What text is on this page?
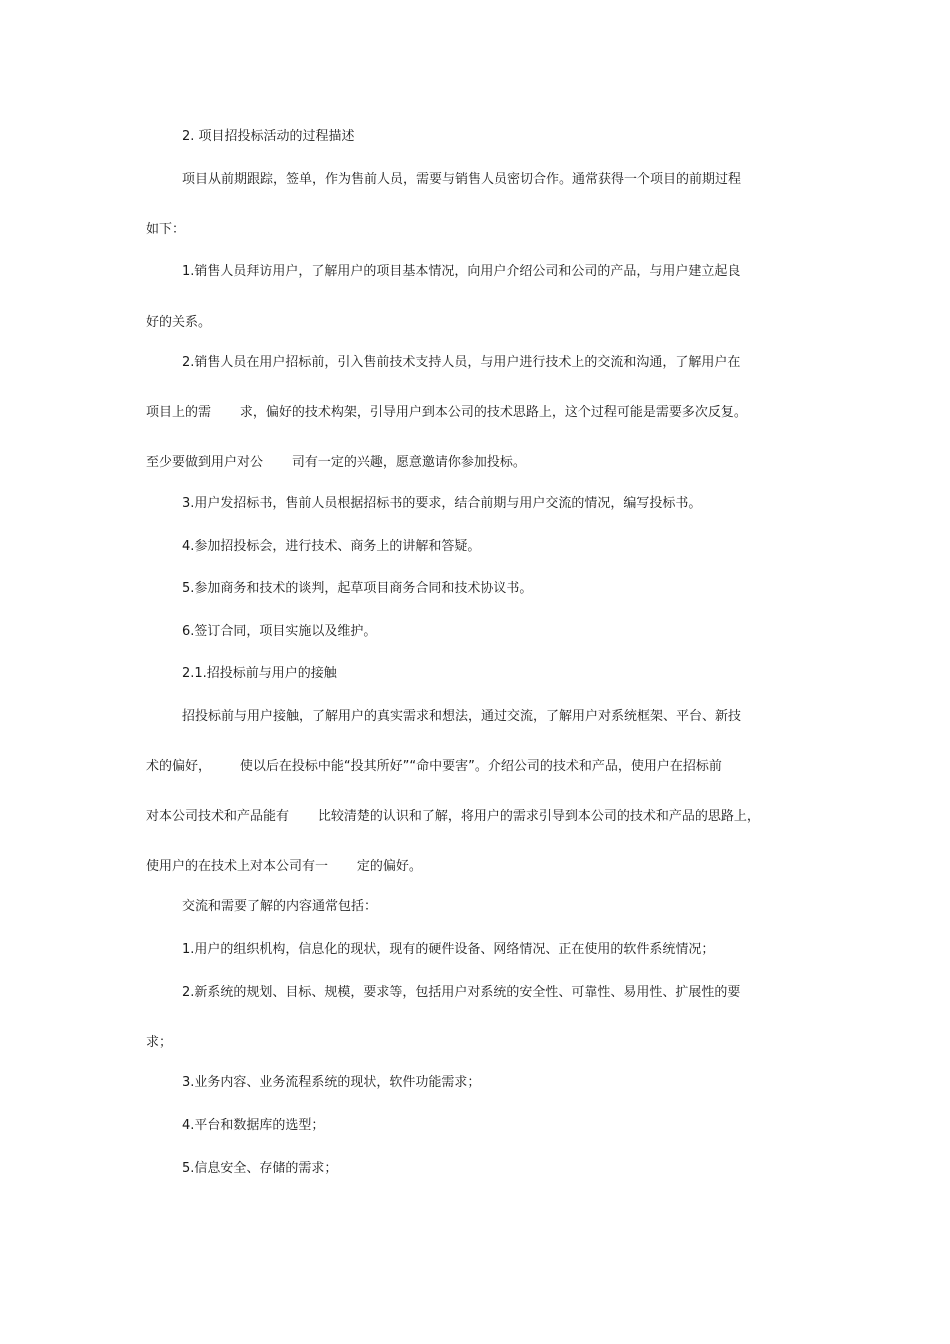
2. 项目招投标活动的过程描述
项目从前期跟踪，签单，作为售前人员，需要与销售人员密切合作。通常获得一个项目的前期过程
如下：
1.销售人员拜访用户，了解用户的项目基本情况，向用户介绍公司和公司的产品，与用户建立起良
好的关系。
2.销售人员在用户招标前，引入售前技术支持人员，与用户进行技术上的交流和沟通，了解用户在
项目上的需       求，偏好的技术构架，引导用户到本公司的技术思路上，这个过程可能是需要多次反复。
至少要做到用户对公       司有一定的兴趣，愿意邀请你参加投标。
3.用户发招标书，售前人员根据招标书的要求，结合前期与用户交流的情况，编写投标书。
4.参加招投标会，进行技术、商务上的讲解和答疑。
5.参加商务和技术的谈判，起草项目商务合同和技术协议书。
6.签订合同，项目实施以及维护。
2.1.招投标前与用户的接触
招投标前与用户接触，了解用户的真实需求和想法，通过交流，了解用户对系统框架、平台、新技
术的偏好，       使以后在投标中能“投其所好”“命中要害”。介绍公司的技术和产品，使用户在招标前
对本公司技术和产品能有       比较清楚的认识和了解，将用户的需求引导到本公司的技术和产品的思路上，
使用户的在技术上对本公司有一       定的偏好。
交流和需要了解的内容通常包括：
1.用户的组织机构，信息化的现状，现有的硬件设备、网络情况、正在使用的软件系统情况；
2.新系统的规划、目标、规模，要求等，包括用户对系统的安全性、可靠性、易用性、扩展性的要
求；
3.业务内容、业务流程系统的现状，软件功能需求；
4.平台和数据库的选型；
5.信息安全、存储的需求；
